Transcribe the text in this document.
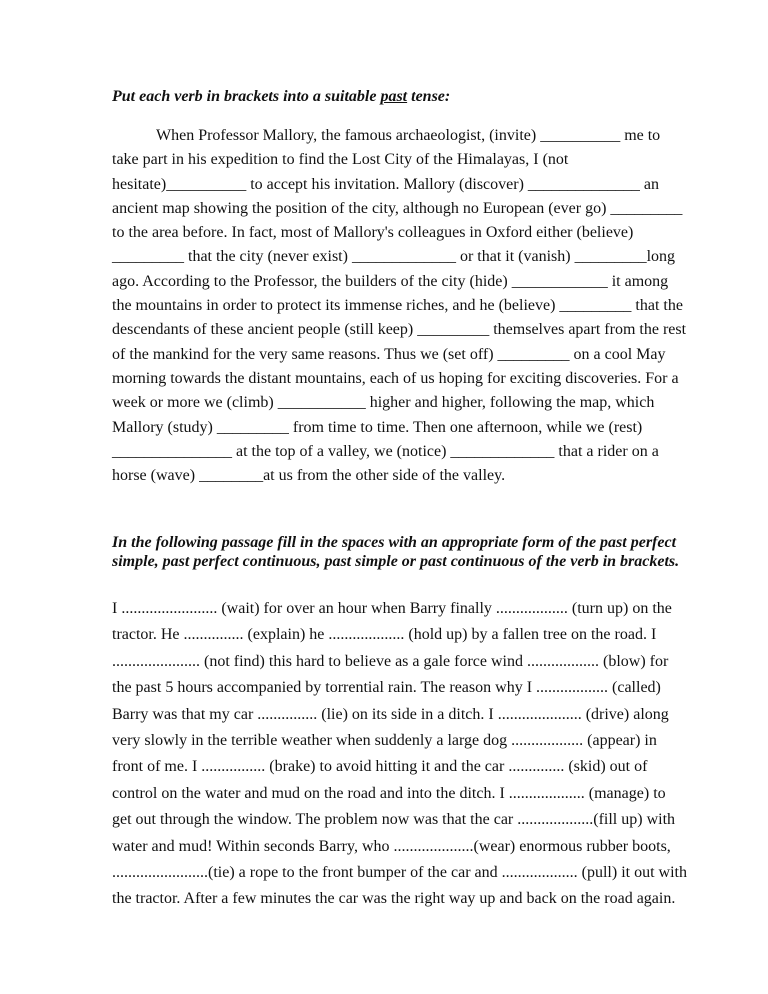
Put each verb in brackets into a suitable past tense:
When Professor Mallory, the famous archaeologist, (invite) __________ me to
take part in his expedition to find the Lost City of the Himalayas, I (not
hesitate)__________ to accept his invitation. Mallory (discover) ______________ an
ancient map showing the position of the city, although no European (ever go) _________
to the area before. In fact, most of Mallory's colleagues in Oxford either (believe)
_________ that the city (never exist) _____________ or that it (vanish) _________long
ago. According to the Professor, the builders of the city (hide) ____________ it among
the mountains in order to protect its immense riches, and he (believe) _________ that the
descendants of these ancient people (still keep) _________ themselves apart from the rest
of the mankind for the very same reasons. Thus we (set off) _________ on a cool May
morning towards the distant mountains, each of us hoping for exciting discoveries. For a
week or more we (climb) ___________ higher and higher, following the map, which
Mallory (study) _________ from time to time. Then one afternoon, while we (rest)
_______________ at the top of a valley, we (notice) _____________ that a rider on a
horse (wave) ________at us from the other side of the valley.
In the following passage fill in the spaces with an appropriate form of the past perfect
simple, past perfect continuous, past simple or past continuous of the verb in brackets.
I ........................ (wait) for over an hour when Barry finally .................. (turn up) on the
tractor. He ............... (explain) he ................... (hold up) by a fallen tree on the road. I
...................... (not find) this hard to believe as a gale force wind .................. (blow) for
the past 5 hours accompanied by torrential rain. The reason why I .................. (called)
Barry was that my car ............... (lie) on its side in a ditch. I ..................... (drive) along
very slowly in the terrible weather when suddenly a large dog .................. (appear) in
front of me. I ................ (brake) to avoid hitting it and the car .............. (skid) out of
control on the water and mud on the road and into the ditch. I ................... (manage) to
get out through the window. The problem now was that the car ...................(fill up) with
water and mud! Within seconds Barry, who ....................(wear) enormous rubber boots,
........................(tie) a rope to the front bumper of the car and ................... (pull) it out with
the tractor. After a few minutes the car was the right way up and back on the road again.
